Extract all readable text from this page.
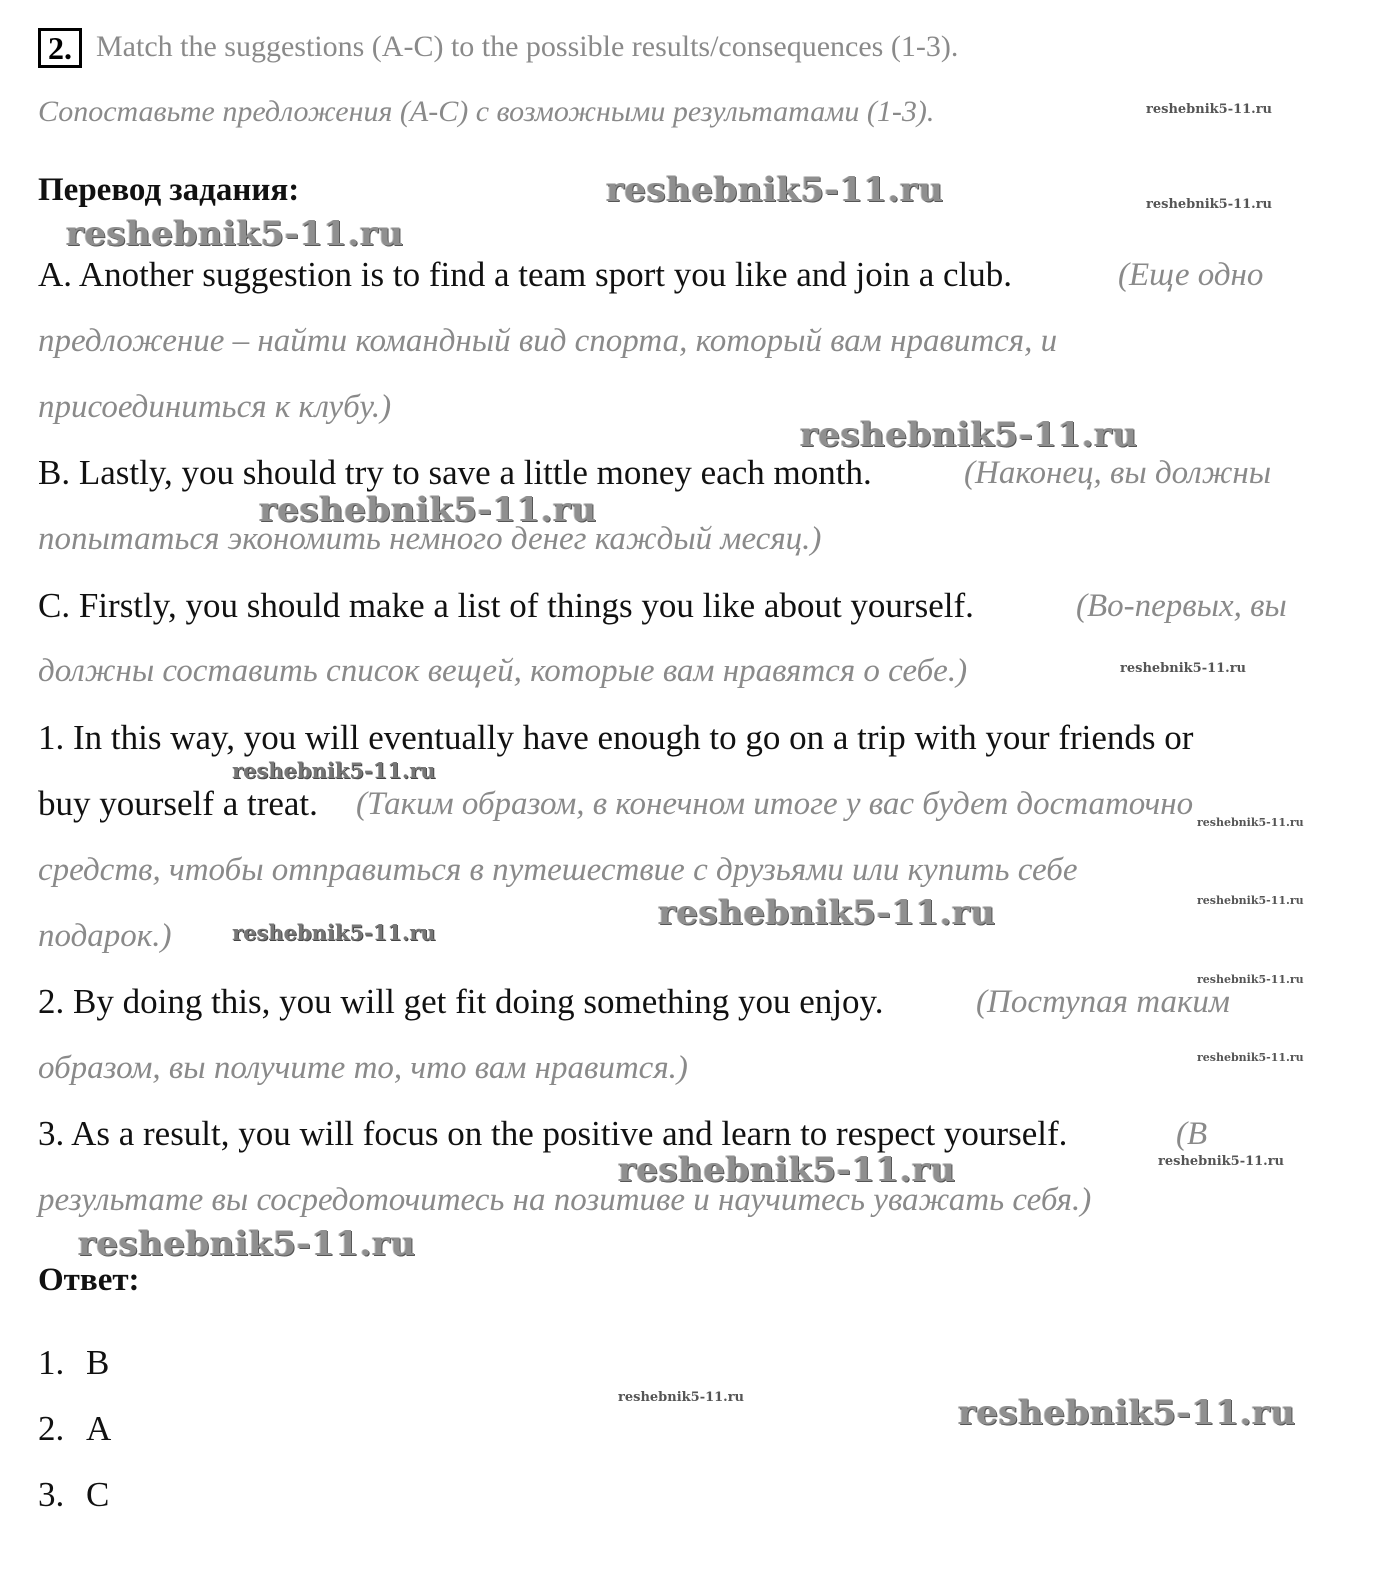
2. Match the suggestions (A-C) to the possible results/consequences (1-3).
Сопоставьте предложения (А-С) с возможными результатами (1-3).
Перевод задания:
A. Another suggestion is to find a team sport you like and join a club.	(Еще одно
предложение – найти командный вид спорта, который вам нравится, и
присоединиться к клубу.)
B. Lastly, you should try to save a little money each month.	(Наконец, вы должны
попытаться экономить немного денег каждый месяц.)
C. Firstly, you should make a list of things you like about yourself.	(Во-первых, вы
должны составить список вещей, которые вам нравятся о себе.)
1. In this way, you will eventually have enough to go on a trip with your friends or
buy yourself a treat. (Таким образом, в конечном итоге у вас будет достаточно
средств, чтобы отправиться в путешествие с друзьями или купить себе
подарок.)
2. By doing this, you will get fit doing something you enjoy.	(Поступая таким
образом, вы получите то, что вам нравится.)
3. As a result, you will focus on the positive and learn to respect yourself.	(В
результате вы сосредоточитесь на позитиве и научитесь уважать себя.)
Ответ:
1. B
2. A
3. C
reshebnik5-11.ru
reshebnik5-11.ru	reshebnik5-11.ru
reshebnik5-11.ru
reshebnik5-11.ru
reshebnik5-11.ru
reshebnik5-11.ru
reshebnik5-11.ru
reshebnik5-11.ru
reshebnik5-11.ru
reshebnik5-11.ru
reshebnik5-11.ru
reshebnik5-11.ru
reshebnik5-11.ru
reshebnik5-11.ru
reshebnik5-11.ru
reshebnik5-11.ru
reshebnik5-11.ru	reshebnik5-11.ru
